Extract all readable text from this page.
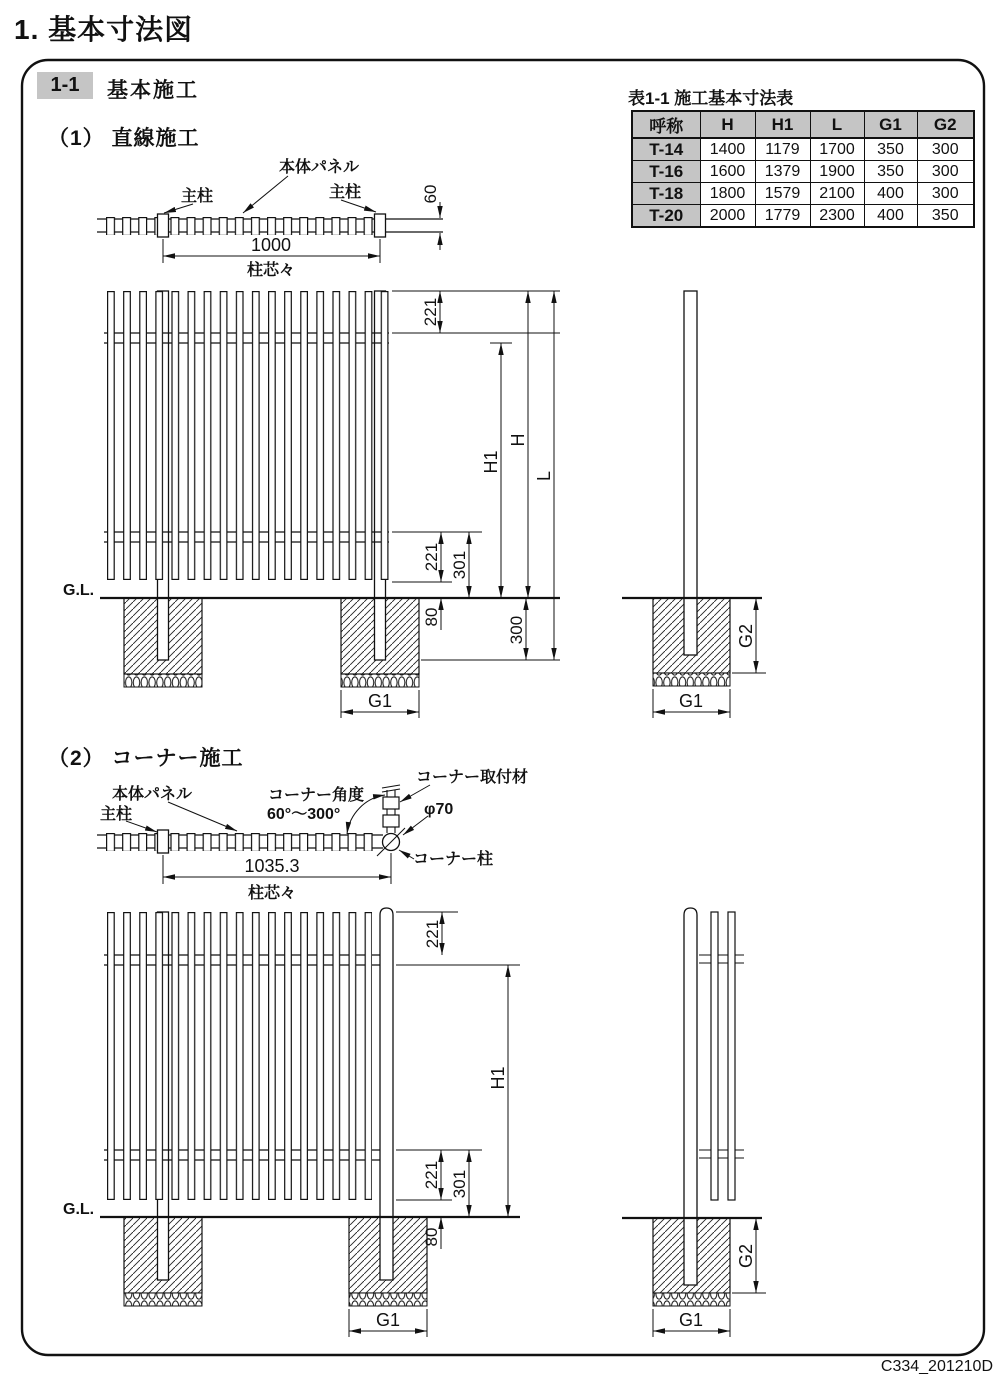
1. 基本寸法図
1-1	基本施工
（1） 直線施工
（2） コーナー施工
表1-1 施工基本寸法表
C334_201210D
呼称	H	H1	L	G1	G2
T-14	1400	1179	1700	350	300
T-16	1600	1379	1900	350	300
T-18	1800	1579	2100	400	300
T-20	2000	1779	2300	400	350
本体パネル
主柱	主柱	60
1000
柱芯々
G.L.
221
H1
H
L
221 301
80	300
G1
G2
G1
主柱
本体パネル	コーナー角度
60°～300°
コーナー取付材
φ70
コーナー柱
1035.3
柱芯々
G.L.
221
H1
221 301
80
G1
G2
G1
